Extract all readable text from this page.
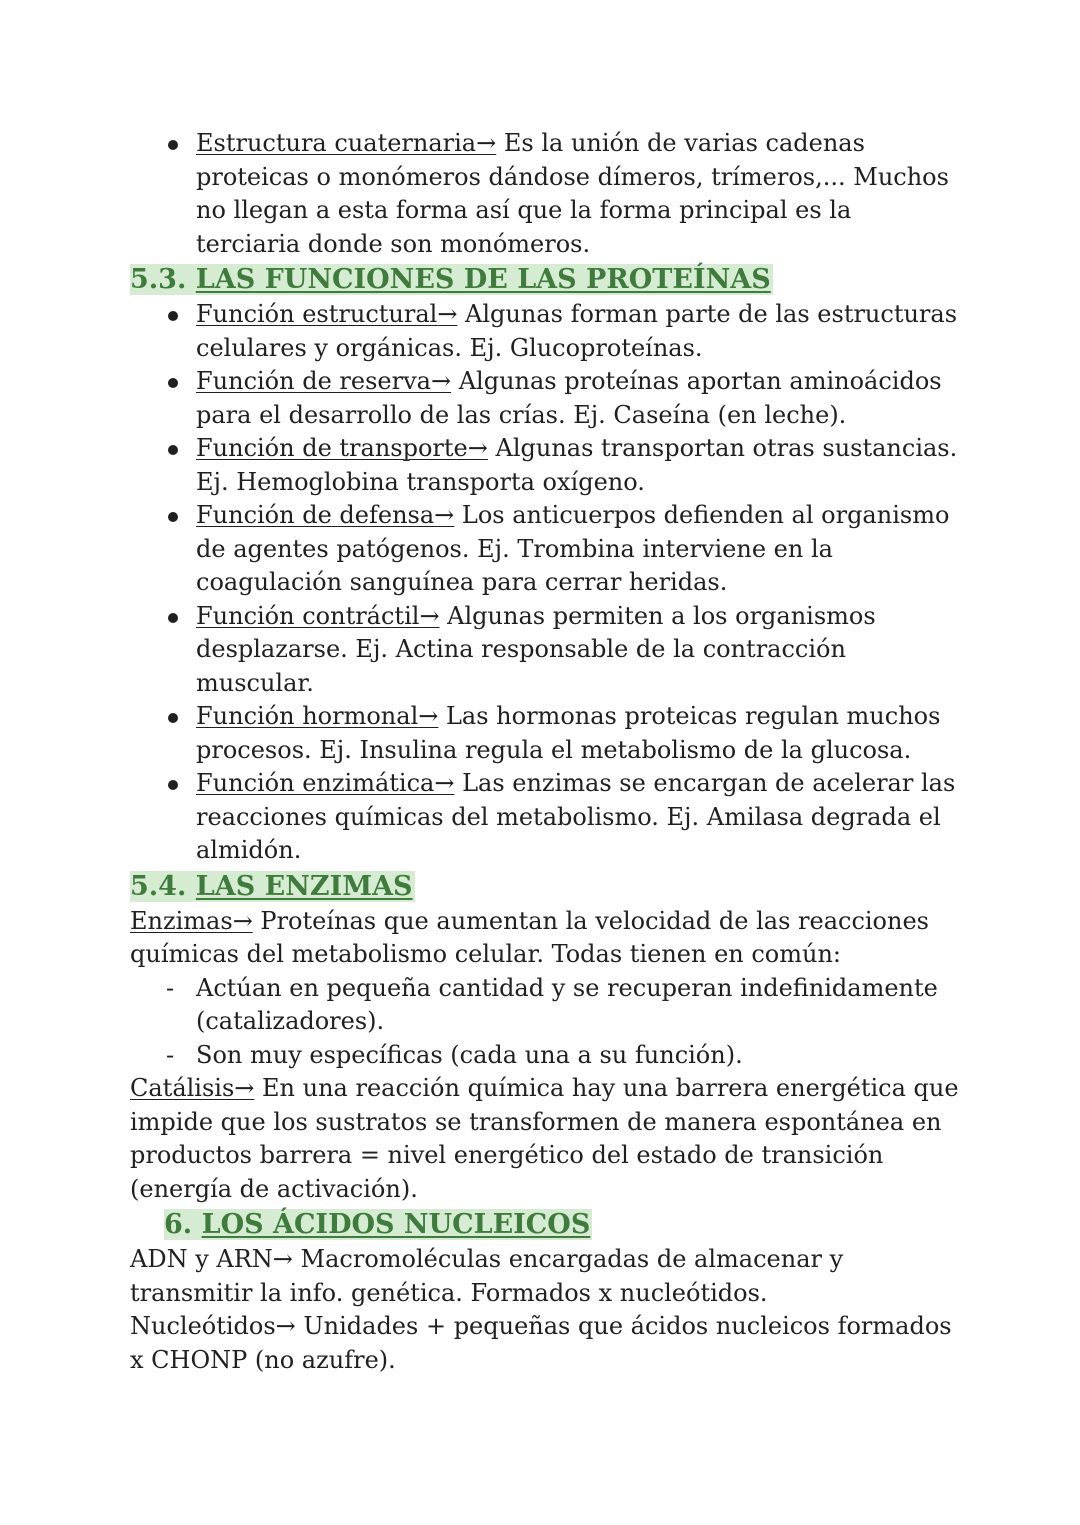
Estructura cuaternaria→ Es la unión de varias cadenas proteicas o monómeros dándose dímeros, trímeros,... Muchos no llegan a esta forma así que la forma principal es la terciaria donde son monómeros.
5.3. LAS FUNCIONES DE LAS PROTEÍNAS
Función estructural→ Algunas forman parte de las estructuras celulares y orgánicas. Ej. Glucoproteínas.
Función de reserva→ Algunas proteínas aportan aminoácidos para el desarrollo de las crías. Ej. Caseína (en leche).
Función de transporte→ Algunas transportan otras sustancias. Ej. Hemoglobina transporta oxígeno.
Función de defensa→ Los anticuerpos defienden al organismo de agentes patógenos. Ej. Trombina interviene en la coagulación sanguínea para cerrar heridas.
Función contráctil→ Algunas permiten a los organismos desplazarse. Ej. Actina responsable de la contracción muscular.
Función hormonal→ Las hormonas proteicas regulan muchos procesos. Ej. Insulina regula el metabolismo de la glucosa.
Función enzimática→ Las enzimas se encargan de acelerar las reacciones químicas del metabolismo. Ej. Amilasa degrada el almidón.
5.4. LAS ENZIMAS
Enzimas→ Proteínas que aumentan la velocidad de las reacciones químicas del metabolismo celular. Todas tienen en común:
- Actúan en pequeña cantidad y se recuperan indefinidamente (catalizadores).
- Son muy específicas (cada una a su función).
Catálisis→ En una reacción química hay una barrera energética que impide que los sustratos se transformen de manera espontánea en productos barrera = nivel energético del estado de transición (energía de activación).
6. LOS ÁCIDOS NUCLEICOS
ADN y ARN→ Macromoléculas encargadas de almacenar y transmitir la info. genética. Formados x nucleótidos.
Nucleótidos→ Unidades + pequeñas que ácidos nucleicos formados x CHONP (no azufre).
